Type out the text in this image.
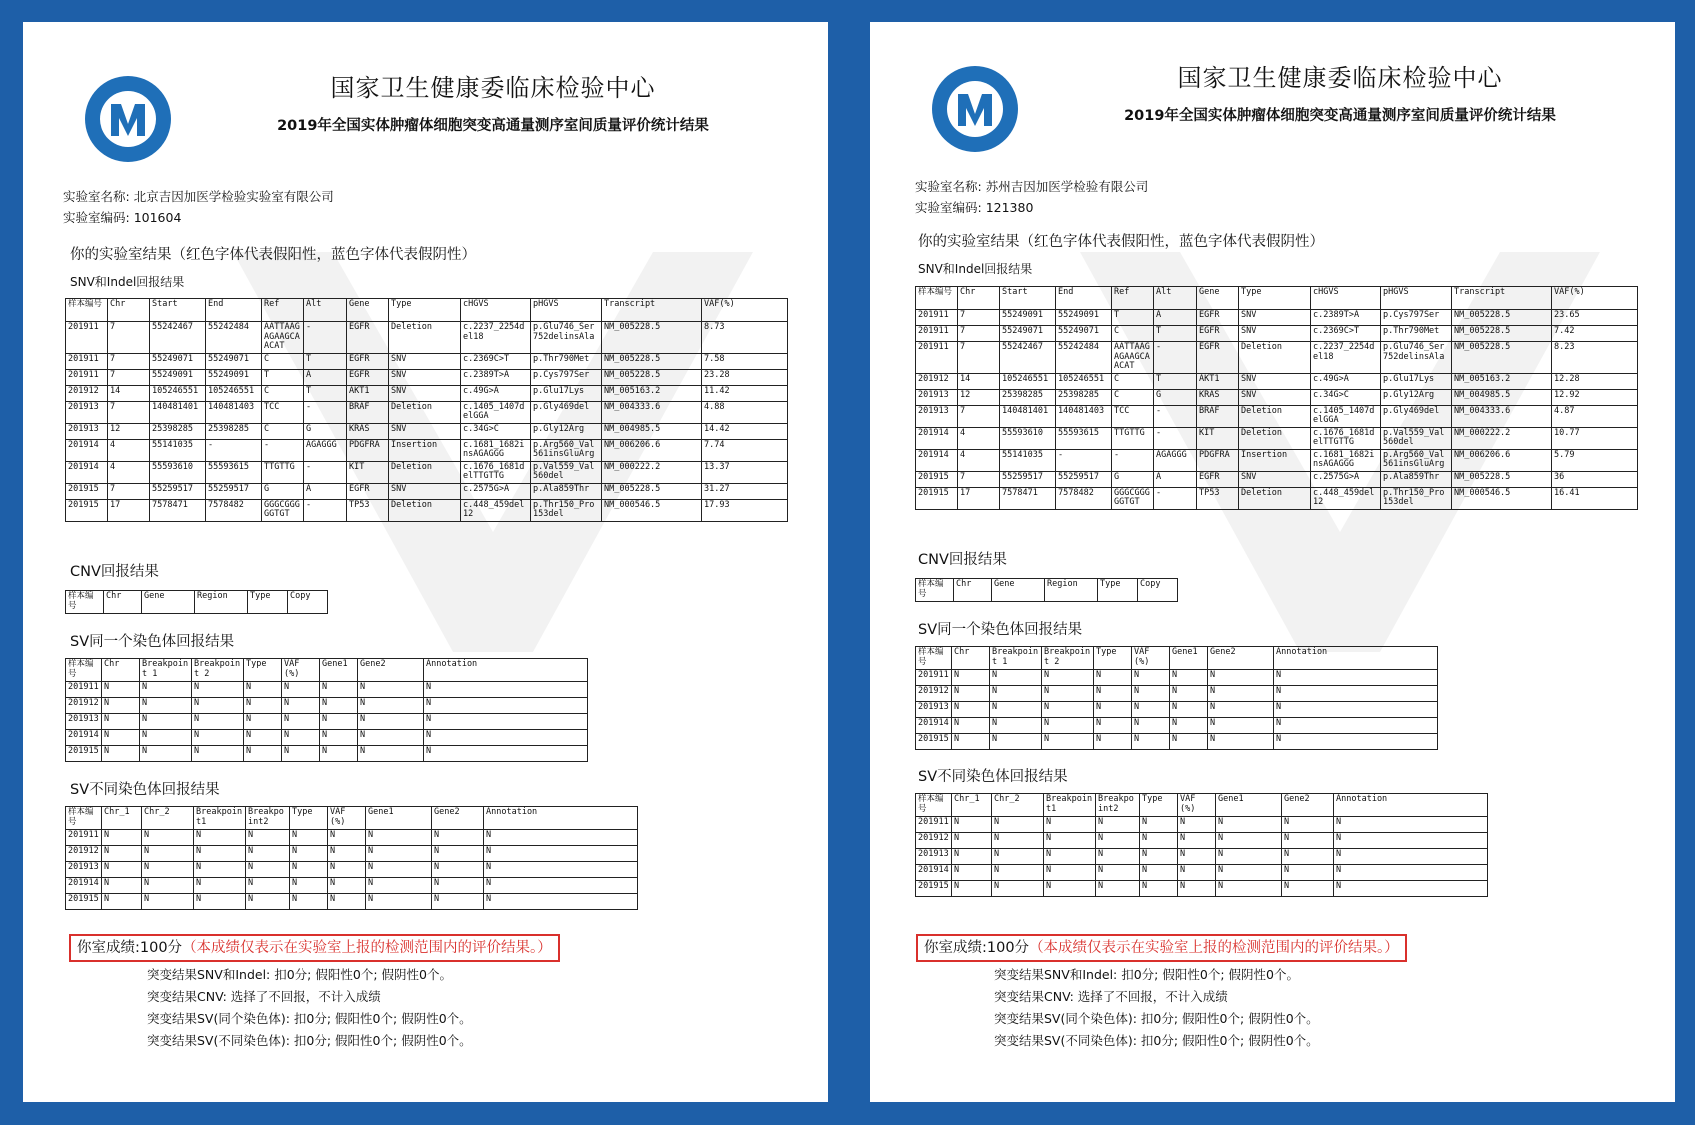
国家卫生健康委临床检验中心
2019年全国实体肿瘤体细胞突变高通量测序室间质量评价统计结果
实验室名称: 北京吉因加医学检验实验室有限公司
实验室编码: 101604
你的实验室结果（红色字体代表假阳性，蓝色字体代表假阴性）
SNV和Indel回报结果
样本编号	Chr	Start	End	Ref	Alt	Gene	Type	cHGVS	pHGVS	Transcript	VAF(%)
201911	7	55242467	55242484	AATTAAGAGAAGCAACAT	-	EGFR	Deletion	c.2237_2254del18	p.Glu746_Ser752delinsAla	NM_005228.5	8.73
201911	7	55249071	55249071	C	T	EGFR	SNV	c.2369C>T	p.Thr790Met	NM_005228.5	7.58
201911	7	55249091	55249091	T	A	EGFR	SNV	c.2389T>A	p.Cys797Ser	NM_005228.5	23.28
201912	14	105246551	105246551	C	T	AKT1	SNV	c.49G>A	p.Glu17Lys	NM_005163.2	11.42
201913	7	140481401	140481403	TCC	-	BRAF	Deletion	c.1405_1407delGGA	p.Gly469del	NM_004333.6	4.88
201913	12	25398285	25398285	C	G	KRAS	SNV	c.34G>C	p.Gly12Arg	NM_004985.5	14.42
201914	4	55141035	-	-	AGAGGG	PDGFRA	Insertion	c.1681_1682insAGAGGG	p.Arg560_Val561insGluArg	NM_006206.6	7.74
201914	4	55593610	55593615	TTGTTG	-	KIT	Deletion	c.1676_1681delTTGTTG	p.Val559_Val560del	NM_000222.2	13.37
201915	7	55259517	55259517	G	A	EGFR	SNV	c.2575G>A	p.Ala859Thr	NM_005228.5	31.27
201915	17	7578471	7578482	GGGCGGGGGTGT	-	TP53	Deletion	c.448_459del12	p.Thr150_Pro153del	NM_000546.5	17.93
CNV回报结果
样本编号	Chr	Gene	Region	Type	Copy
SV同一个染色体回报结果
样本编号	Chr	Breakpoint 1	Breakpoint 2	Type	VAF (%)	Gene1	Gene2	Annotation
201911	N	N	N	N	N	N	N	N
201912	N	N	N	N	N	N	N	N
201913	N	N	N	N	N	N	N	N
201914	N	N	N	N	N	N	N	N
201915	N	N	N	N	N	N	N	N
SV不同染色体回报结果
样本编号	Chr_1	Chr_2	Breakpoint1	Breakpoint2	Type	VAF (%)	Gene1	Gene2	Annotation
201911	N	N	N	N	N	N	N	N	N
201912	N	N	N	N	N	N	N	N	N
201913	N	N	N	N	N	N	N	N	N
201914	N	N	N	N	N	N	N	N	N
201915	N	N	N	N	N	N	N	N	N
你室成绩:100分（本成绩仅表示在实验室上报的检测范围内的评价结果。）
突变结果SNV和Indel: 扣0分; 假阳性0个; 假阴性0个。
突变结果CNV: 选择了不回报，不计入成绩
突变结果SV(同个染色体): 扣0分; 假阳性0个; 假阴性0个。
突变结果SV(不同染色体): 扣0分; 假阳性0个; 假阴性0个。
国家卫生健康委临床检验中心
2019年全国实体肿瘤体细胞突变高通量测序室间质量评价统计结果
实验室名称: 苏州吉因加医学检验有限公司
实验室编码: 121380
你的实验室结果（红色字体代表假阳性，蓝色字体代表假阴性）
SNV和Indel回报结果
样本编号	Chr	Start	End	Ref	Alt	Gene	Type	cHGVS	pHGVS	Transcript	VAF(%)
201911	7	55249091	55249091	T	A	EGFR	SNV	c.2389T>A	p.Cys797Ser	NM_005228.5	23.65
201911	7	55249071	55249071	C	T	EGFR	SNV	c.2369C>T	p.Thr790Met	NM_005228.5	7.42
201911	7	55242467	55242484	AATTAAGAGAAGCAACAT	-	EGFR	Deletion	c.2237_2254del18	p.Glu746_Ser752delinsAla	NM_005228.5	8.23
201912	14	105246551	105246551	C	T	AKT1	SNV	c.49G>A	p.Glu17Lys	NM_005163.2	12.28
201913	12	25398285	25398285	C	G	KRAS	SNV	c.34G>C	p.Gly12Arg	NM_004985.5	12.92
201913	7	140481401	140481403	TCC	-	BRAF	Deletion	c.1405_1407delGGA	p.Gly469del	NM_004333.6	4.87
201914	4	55593610	55593615	TTGTTG	-	KIT	Deletion	c.1676_1681delTTGTTG	p.Val559_Val560del	NM_000222.2	10.77
201914	4	55141035	-	-	AGAGGG	PDGFRA	Insertion	c.1681_1682insAGAGGG	p.Arg560_Val561insGluArg	NM_006206.6	5.79
201915	7	55259517	55259517	G	A	EGFR	SNV	c.2575G>A	p.Ala859Thr	NM_005228.5	36
201915	17	7578471	7578482	GGGCGGGGGTGT	-	TP53	Deletion	c.448_459del12	p.Thr150_Pro153del	NM_000546.5	16.41
CNV回报结果
样本编号	Chr	Gene	Region	Type	Copy
SV同一个染色体回报结果
样本编号	Chr	Breakpoint 1	Breakpoint 2	Type	VAF (%)	Gene1	Gene2	Annotation
201911	N	N	N	N	N	N	N	N
201912	N	N	N	N	N	N	N	N
201913	N	N	N	N	N	N	N	N
201914	N	N	N	N	N	N	N	N
201915	N	N	N	N	N	N	N	N
SV不同染色体回报结果
样本编号	Chr_1	Chr_2	Breakpoint1	Breakpoint2	Type	VAF (%)	Gene1	Gene2	Annotation
201911	N	N	N	N	N	N	N	N	N
201912	N	N	N	N	N	N	N	N	N
201913	N	N	N	N	N	N	N	N	N
201914	N	N	N	N	N	N	N	N	N
201915	N	N	N	N	N	N	N	N	N
你室成绩:100分（本成绩仅表示在实验室上报的检测范围内的评价结果。）
突变结果SNV和Indel: 扣0分; 假阳性0个; 假阴性0个。
突变结果CNV: 选择了不回报，不计入成绩
突变结果SV(同个染色体): 扣0分; 假阳性0个; 假阴性0个。
突变结果SV(不同染色体): 扣0分; 假阳性0个; 假阴性0个。
